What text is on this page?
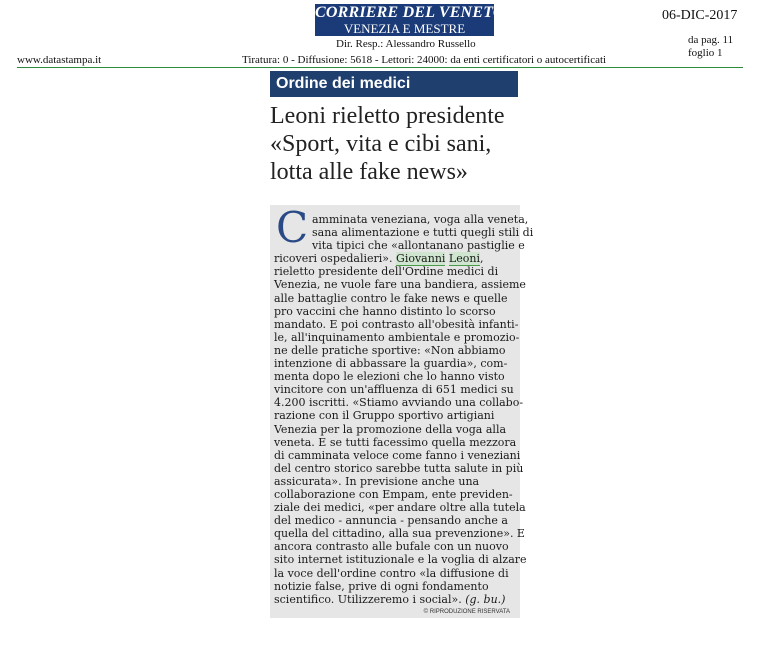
CORRIERE DEL VENETO
VENEZIA E MESTRE
Dir. Resp.: Alessandro Russello
06-DIC-2017
da pag. 11
foglio 1
www.datastampa.it	Tiratura: 0 - Diffusione: 5618 - Lettori: 24000: da enti certificatori o autocertificati
Ordine dei medici
Leoni rieletto presidente
«Sport, vita e cibi sani,
lotta alle fake news»
C amminata veneziana, voga alla veneta,
sana alimentazione e tutti quegli stili di
vita tipici che «allontanano pastiglie e
ricoveri ospedalieri». Giovanni Leoni,
rieletto presidente dell'Ordine medici di
Venezia, ne vuole fare una bandiera, assieme
alle battaglie contro le fake news e quelle
pro vaccini che hanno distinto lo scorso
mandato. E poi contrasto all'obesità infanti-
le, all'inquinamento ambientale e promozio-
ne delle pratiche sportive: «Non abbiamo
intenzione di abbassare la guardia», com-
menta dopo le elezioni che lo hanno visto
vincitore con un'affluenza di 651 medici su
4.200 iscritti. «Stiamo avviando una collabo-
razione con il Gruppo sportivo artigiani
Venezia per la promozione della voga alla
veneta. E se tutti facessimo quella mezzora
di camminata veloce come fanno i veneziani
del centro storico sarebbe tutta salute in più
assicurata». In previsione anche una
collaborazione con Empam, ente previden-
ziale dei medici, «per andare oltre alla tutela
del medico - annuncia - pensando anche a
quella del cittadino, alla sua prevenzione». E
ancora contrasto alle bufale con un nuovo
sito internet istituzionale e la voglia di alzare
la voce dell'ordine contro «la diffusione di
notizie false, prive di ogni fondamento
scientifico. Utilizzeremo i social». (g. bu.)
© RIPRODUZIONE RISERVATA
